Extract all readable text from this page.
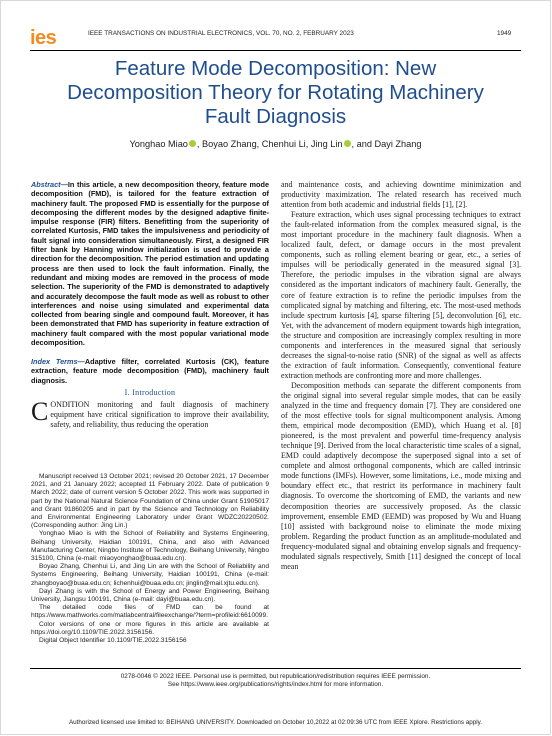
ies	IEEE TRANSACTIONS ON INDUSTRIAL ELECTRONICS, VOL. 70, NO. 2, FEBRUARY 2023	1949
Feature Mode Decomposition: New
Decomposition Theory for Rotating Machinery
Fault Diagnosis
Yonghao Miao , Boyao Zhang, Chenhui Li, Jing Lin , and Dayi Zhang
Abstract—In this article, a new decomposition theory, feature mode decomposition (FMD), is tailored for the feature extraction of machinery fault. The proposed FMD is essentially for the purpose of decomposing the different modes by the designed adaptive finite-impulse response (FIR) filters. Benefitting from the superiority of correlated Kurtosis, FMD takes the impulsiveness and periodicity of fault signal into consideration simultaneously. First, a designed FIR filter bank by Hanning window initialization is used to provide a direction for the decomposition. The period estimation and updating process are then used to lock the fault information. Finally, the redundant and mixing modes are removed in the process of mode selection. The superiority of the FMD is demonstrated to adaptively and accurately decompose the fault mode as well as robust to other interferences and noise using simulated and experimental data collected from bearing single and compound fault. Moreover, it has been demonstrated that FMD has superiority in feature extraction of machinery fault compared with the most popular variational mode decomposition.
Index Terms—Adaptive filter, correlated Kurtosis (CK), feature extraction, feature mode decomposition (FMD), machinery fault diagnosis.
I. Introduction
CONDITION monitoring and fault diagnosis of machinery equipment have critical signification to improve their availability, safety, and reliability, thus reducing the operation

Manuscript received 13 October 2021; revised 20 October 2021, 17 December 2021, and 21 January 2022; accepted 11 February 2022. Date of publication 9 March 2022; date of current version 5 October 2022. This work was supported in part by the National Natural Science Foundation of China under Grant 51905017 and Grant 91860205 and in part by the Science and Technology on Reliability and Environmental Engineering Laboratory under Grant WDZC20220502. (Corresponding author: Jing Lin.)

Yonghao Miao is with the School of Reliability and Systems Engineering, Beihang University, Haidian 100191, China, and also with Advanced Manufacturing Center, Ningbo Institute of Technology, Beihang University, Ningbo 315100, China (e-mail: miaoyonghao@buaa.edu.cn).

Boyao Zhang, Chenhui Li, and Jing Lin are with the School of Reliability and Systems Engineering, Beihang University, Haidian 100191, China (e-mail: zhangboyao@buaa.edu.cn; lichenhui@buaa.edu.cn; jinglin@mail.xjtu.edu.cn).

Dayi Zhang is with the School of Energy and Power Engineering, Beihang University, Jiangsu 100191, China (e-mail: dayi@buaa.edu.cn).

The detailed code files of FMD can be found at https://www.mathworks.com/matlabcentral/fileexchange/?term=profileid:6610099.

Color versions of one or more figures in this article are available at https://doi.org/10.1109/TIE.2022.3156156.

Digital Object Identifier 10.1109/TIE.2022.3156156

and maintenance costs, and achieving downtime minimization and productivity maximization. The related research has received much attention from both academic and industrial fields [1], [2].

Feature extraction, which uses signal processing techniques to extract the fault-related information from the complex measured signal, is the most important procedure in the machinery fault diagnosis. When a localized fault, defect, or damage occurs in the most prevalent components, such as rolling element bearing or gear, etc., a series of impulses will be periodically generated in the measured signal [3]. Therefore, the periodic impulses in the vibration signal are always considered as the important indicators of machinery fault. Generally, the core of feature extraction is to refine the periodic impulses from the complicated signal by matching and filtering, etc. The most-used methods include spectrum kurtosis [4], sparse filtering [5], deconvolution [6], etc. Yet, with the advancement of modern equipment towards high integration, the structure and composition are increasingly complex resulting in more components and interferences in the measured signal that seriously decreases the signal-to-noise ratio (SNR) of the signal as well as affects the extraction of fault information. Consequently, conventional feature extraction methods are confronting more and more challenges.

Decomposition methods can separate the different components from the original signal into several regular simple modes, that can be easily analyzed in the time and frequency domain [7]. They are considered one of the most effective tools for signal multicomponent analysis. Among them, empirical mode decomposition (EMD), which Huang et al. [8] pioneered, is the most prevalent and powerful time-frequency analysis technique [9]. Derived from the local characteristic time scales of a signal, EMD could adaptively decompose the superposed signal into a set of complete and almost orthogonal components, which are called intrinsic mode functions (IMFs). However, some limitations, i.e., mode mixing and boundary effect etc., that restrict its performance in machinery fault diagnosis. To overcome the shortcoming of EMD, the variants and new decomposition theories are successively proposed. As the classic improvement, ensemble EMD (EEMD) was proposed by Wu and Huang [10] assisted with background noise to eliminate the mode mixing problem. Regarding the product function as an amplitude-modulated and frequency-modulated signal and obtaining envelop signals and frequency-modulated signals respectively, Smith [11] designed the concept of local mean

0278-0046 © 2022 IEEE. Personal use is permitted, but republication/redistribution requires IEEE permission.
See https://www.ieee.org/publications/rights/index.html for more information.
Authorized licensed use limited to: BEIHANG UNIVERSITY. Downloaded on October 10,2022 at 02:09:36 UTC from IEEE Xplore. Restrictions apply.
